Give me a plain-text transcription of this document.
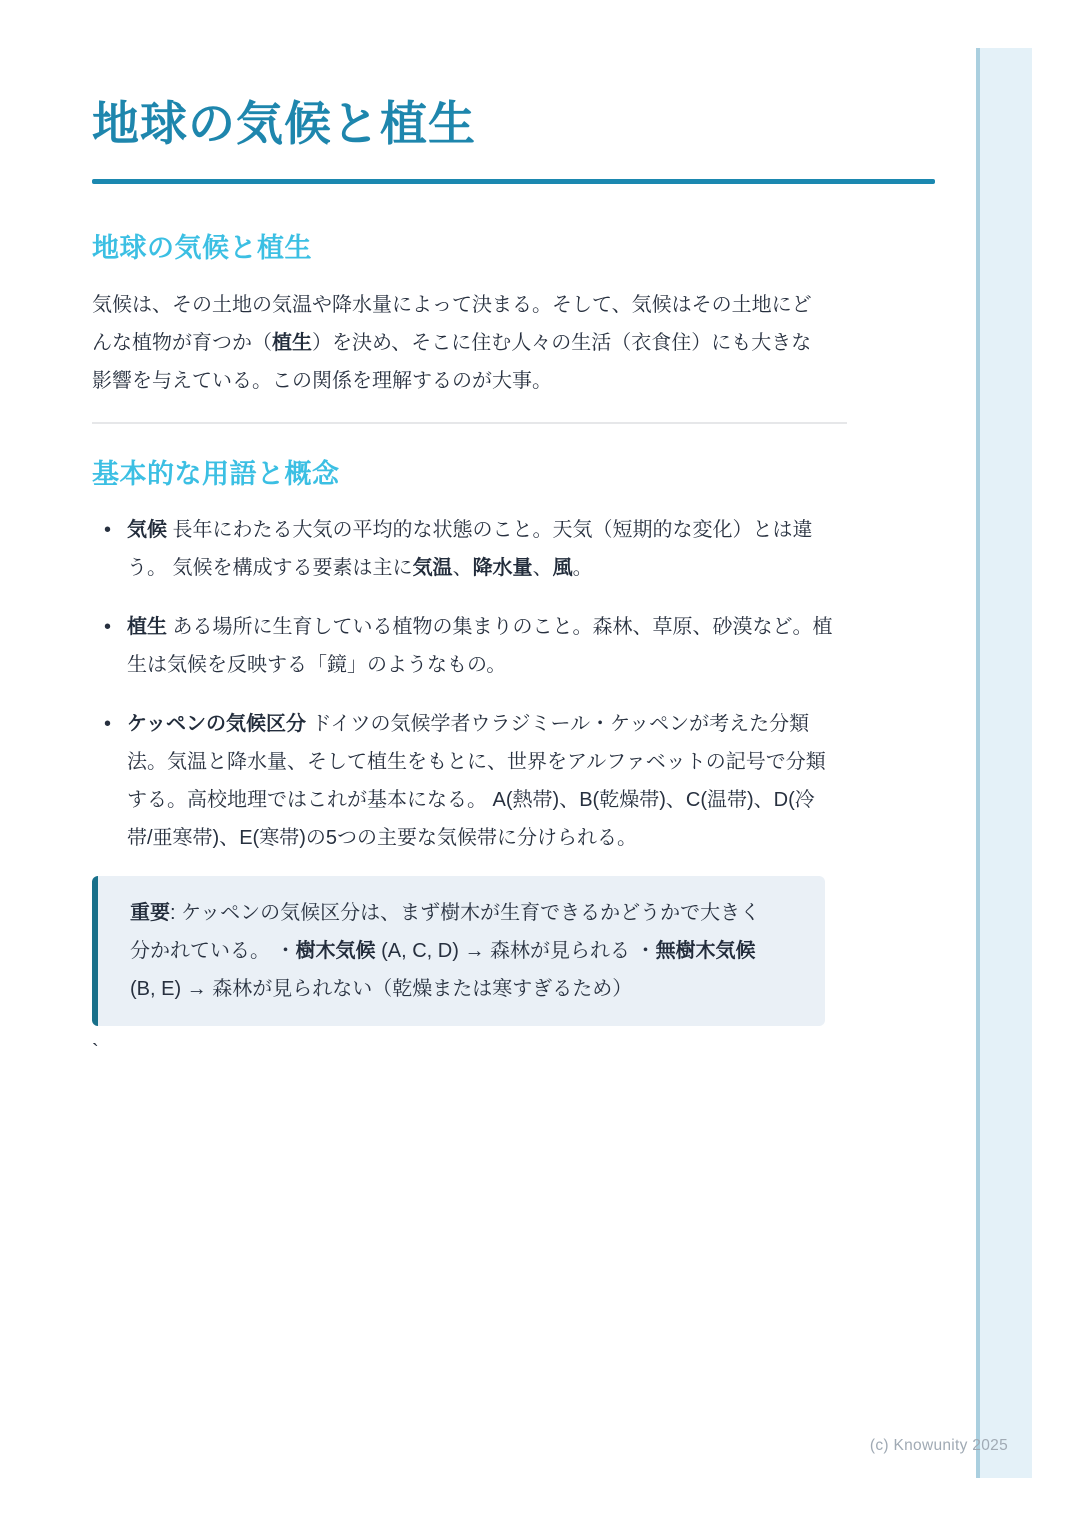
地球の気候と植生
地球の気候と植生

気候は、その土地の気温や降水量によって決まる。そして、気候はその土地にどんな植物が育つか（植生）を決め、そこに住む人々の生活（衣食住）にも大きな影響を与えている。この関係を理解するのが大事。

基本的な用語と概念
• 気候 長年にわたる大気の平均的な状態のこと。天気（短期的な変化）とは違う。 気候を構成する要素は主に気温、降水量、風。
• 植生 ある場所に生育している植物の集まりのこと。森林、草原、砂漠など。植生は気候を反映する「鏡」のようなもの。
• ケッペンの気候区分 ドイツの気候学者ウラジミール・ケッペンが考えた分類法。気温と降水量、そして植生をもとに、世界をアルファベットの記号で分類する。高校地理ではこれが基本になる。 A(熱帯)、B(乾燥帯)、C(温帯)、D(冷帯/亜寒帯)、E(寒帯)の5つの主要な気候帯に分けられる。

重要: ケッペンの気候区分は、まず樹木が生育できるかどうかで大きく分かれている。 ・樹木気候 (A, C, D) → 森林が見られる ・無樹木気候 (B, E) → 森林が見られない（乾燥または寒すぎるため）

`
(c) Knowunity 2025
